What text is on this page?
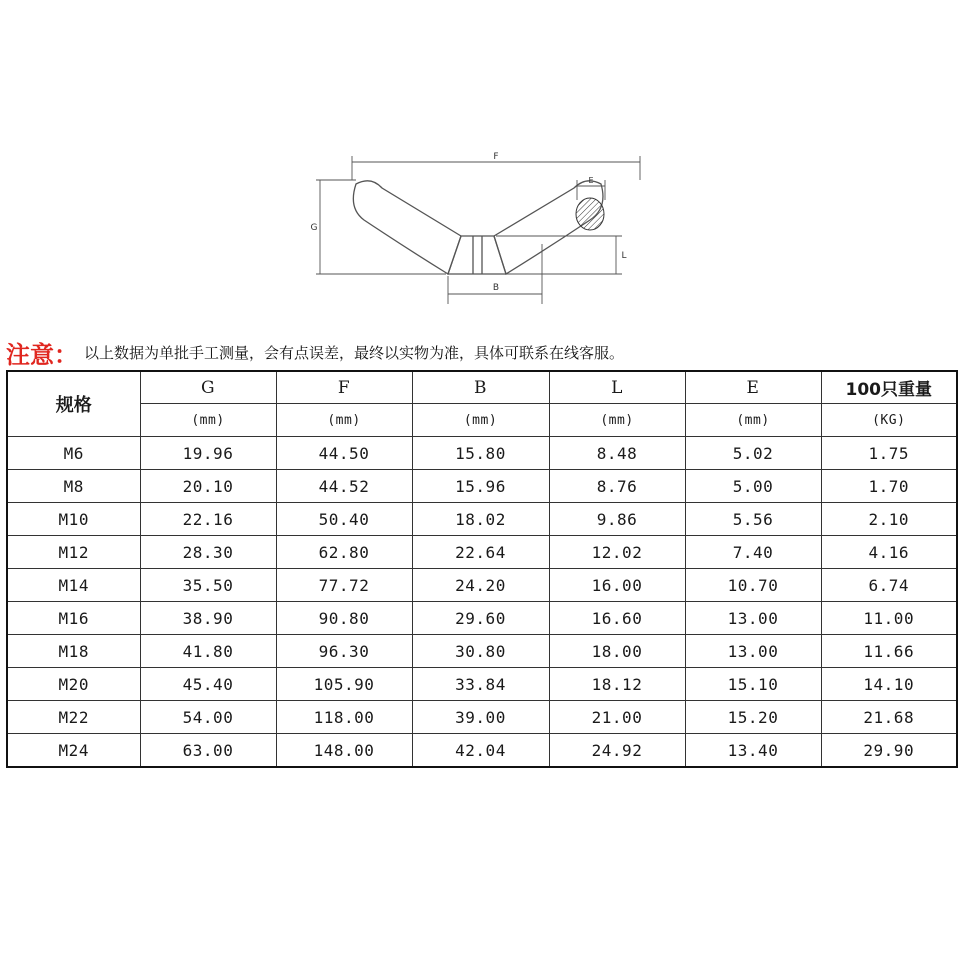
F
E
G
L
B
注意： 以上数据为单批手工测量，会有点误差，最终以实物为准，具体可联系在线客服。
规格	G	F	B	L	E	100只重量
	(mm)	(mm)	(mm)	(mm)	(mm)	(KG)
M6	19.96	44.50	15.80	8.48	5.02	1.75
M8	20.10	44.52	15.96	8.76	5.00	1.70
M10	22.16	50.40	18.02	9.86	5.56	2.10
M12	28.30	62.80	22.64	12.02	7.40	4.16
M14	35.50	77.72	24.20	16.00	10.70	6.74
M16	38.90	90.80	29.60	16.60	13.00	11.00
M18	41.80	96.30	30.80	18.00	13.00	11.66
M20	45.40	105.90	33.84	18.12	15.10	14.10
M22	54.00	118.00	39.00	21.00	15.20	21.68
M24	63.00	148.00	42.04	24.92	13.40	29.90
